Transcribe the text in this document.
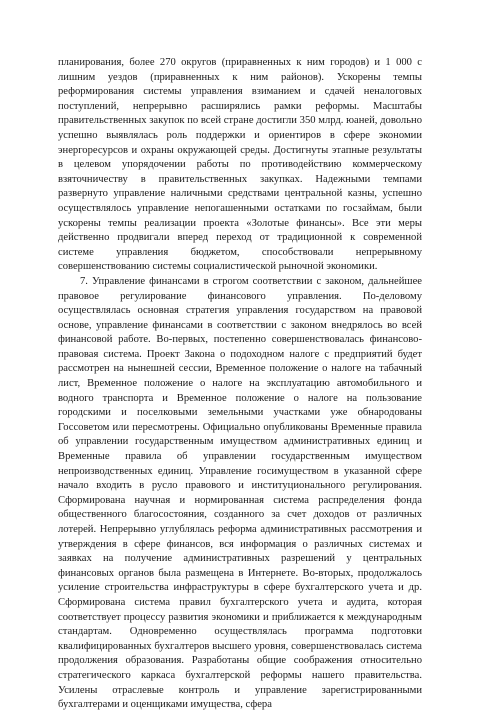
планирования, более 270 округов (приравненных к ним городов) и 1 000 с лишним уездов (приравненных к ним районов). Ускорены темпы реформирования системы управления взиманием и сдачей неналоговых поступлений, непрерывно расширялись рамки реформы. Масштабы правительственных закупок по всей стране достигли 350 млрд. юаней, довольно успешно выявлялась роль поддержки и ориентиров в сфере экономии энергоресурсов и охраны окружающей среды. Достигнуты этапные результаты в целевом упорядочении работы по противодействию коммерческому взяточничеству в правительственных закупках. Надежными темпами развернуто управление наличными средствами центральной казны, успешно осуществлялось управление непогашенными остатками по госзаймам, были ускорены темпы реализации проекта «Золотые финансы». Все эти меры действенно продвигали вперед переход от традиционной к современной системе управления бюджетом, способствовали непрерывному совершенствованию системы социалистической рыночной экономики.

7. Управление финансами в строгом соответствии с законом, дальнейшее правовое регулирование финансового управления. По-деловому осуществлялась основная стратегия управления государством на правовой основе, управление финансами в соответствии с законом внедрялось во всей финансовой работе. Во-первых, постепенно совершенствовалась финансово-правовая система. Проект Закона о подоходном налоге с предприятий будет рассмотрен на нынешней сессии, Временное положение о налоге на табачный лист, Временное положение о налоге на эксплуатацию автомобильного и водного транспорта и Временное положение о налоге на пользование городскими и поселковыми земельными участками уже обнародованы Госсоветом или пересмотрены. Официально опубликованы Временные правила об управлении государственным имуществом административных единиц и Временные правила об управлении государственным имуществом непроизводственных единиц. Управление госимуществом в указанной сфере начало входить в русло правового и институционального регулирования. Сформирована научная и нормированная система распределения фонда общественного благосостояния, созданного за счет доходов от различных лотерей. Непрерывно углублялась реформа административных рассмотрения и утверждения в сфере финансов, вся информация о различных системах и заявках на получение административных разрешений у центральных финансовых органов была размещена в Интернете. Во-вторых, продолжалось усиление строительства инфраструктуры в сфере бухгалтерского учета и др. Сформирована система правил бухгалтерского учета и аудита, которая соответствует процессу развития экономики и приближается к международным стандартам. Одновременно осуществлялась программа подготовки квалифицированных бухгалтеров высшего уровня, совершенствовалась система продолжения образования. Разработаны общие соображения относительно стратегического каркаса бухгалтерской реформы нашего правительства. Усилены отраслевые контроль и управление зарегистрированными бухгалтерами и оценщиками имущества, сфера
